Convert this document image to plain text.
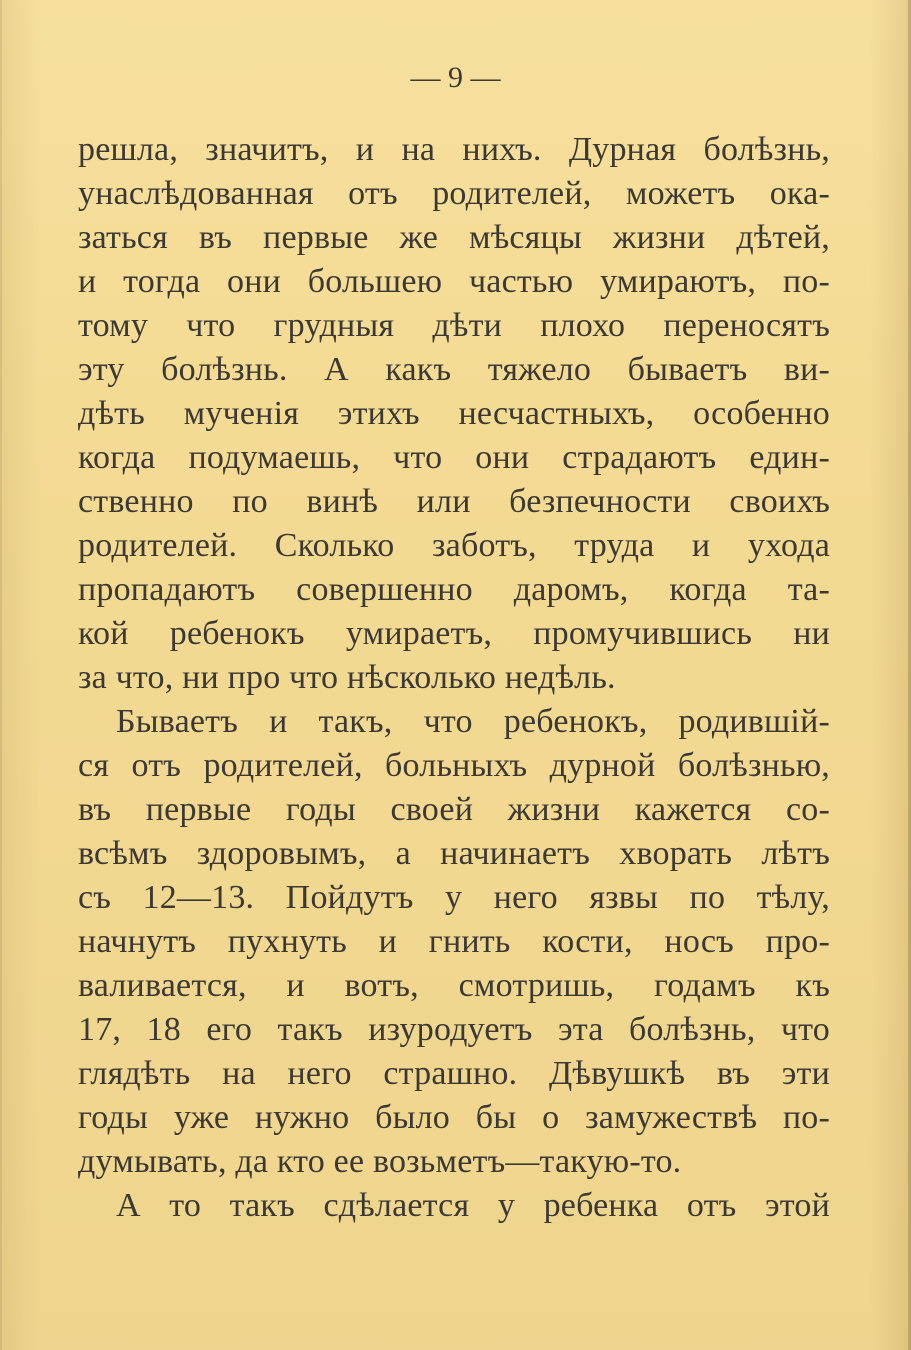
— 9 —
решла, значитъ, и на нихъ. Дурная болѣзнь,
унаслѣдованная отъ родителей, можетъ ока-
заться въ первые же мѣсяцы жизни дѣтей,
и тогда они большею частью умираютъ, по-
тому что грудныя дѣти плохо переносятъ
эту болѣзнь. А какъ тяжело бываетъ ви-
дѣть мученія этихъ несчастныхъ, особенно
когда подумаешь, что они страдаютъ един-
ственно по винѣ или безпечности своихъ
родителей. Сколько заботъ, труда и ухода
пропадаютъ совершенно даромъ, когда та-
кой ребенокъ умираетъ, промучившись ни
за что, ни про что нѣсколько недѣль.
Бываетъ и такъ, что ребенокъ, родившій-
ся отъ родителей, больныхъ дурной болѣзнью,
въ первые годы своей жизни кажется со-
всѣмъ здоровымъ, а начинаетъ хворать лѣтъ
съ 12—13. Пойдутъ у него язвы по тѣлу,
начнутъ пухнуть и гнить кости, носъ про-
валивается, и вотъ, смотришь, годамъ къ
17, 18 его такъ изуродуетъ эта болѣзнь, что
глядѣть на него страшно. Дѣвушкѣ въ эти
годы уже нужно было бы о замужествѣ по-
думывать, да кто ее возьметъ—такую-то.
А то такъ сдѣлается у ребенка отъ этой
